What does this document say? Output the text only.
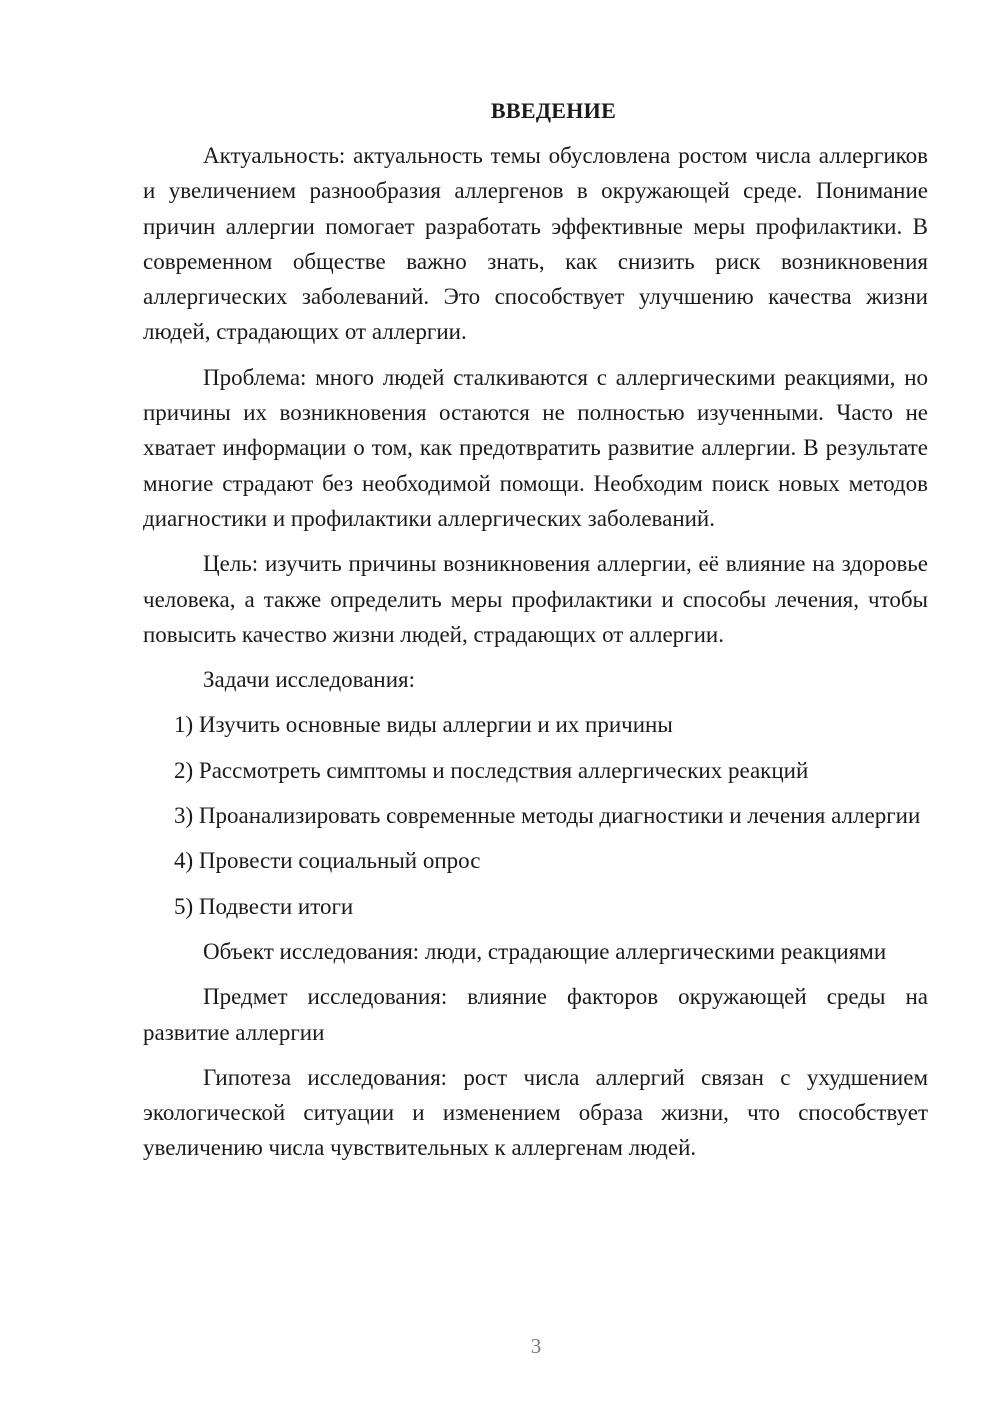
ВВЕДЕНИЕ

Актуальность: актуальность темы обусловлена ростом числа аллергиков и увеличением разнообразия аллергенов в окружающей среде. Понимание причин аллергии помогает разработать эффективные меры профилактики. В современном обществе важно знать, как снизить риск возникновения аллергических заболеваний. Это способствует улучшению качества жизни людей, страдающих от аллергии.

Проблема: много людей сталкиваются с аллергическими реакциями, но причины их возникновения остаются не полностью изученными. Часто не хватает информации о том, как предотвратить развитие аллергии. В результате многие страдают без необходимой помощи. Необходим поиск новых методов диагностики и профилактики аллергических заболеваний.

Цель: изучить причины возникновения аллергии, её влияние на здоровье человека, а также определить меры профилактики и способы лечения, чтобы повысить качество жизни людей, страдающих от аллергии.

Задачи исследования:

1) Изучить основные виды аллергии и их причины

2) Рассмотреть симптомы и последствия аллергических реакций

3) Проанализировать современные методы диагностики и лечения аллергии

4) Провести социальный опрос

5) Подвести итоги

Объект исследования: люди, страдающие аллергическими реакциями

Предмет исследования: влияние факторов окружающей среды на развитие аллергии

Гипотеза исследования: рост числа аллергий связан с ухудшением экологической ситуации и изменением образа жизни, что способствует увеличению числа чувствительных к аллергенам людей.

3
